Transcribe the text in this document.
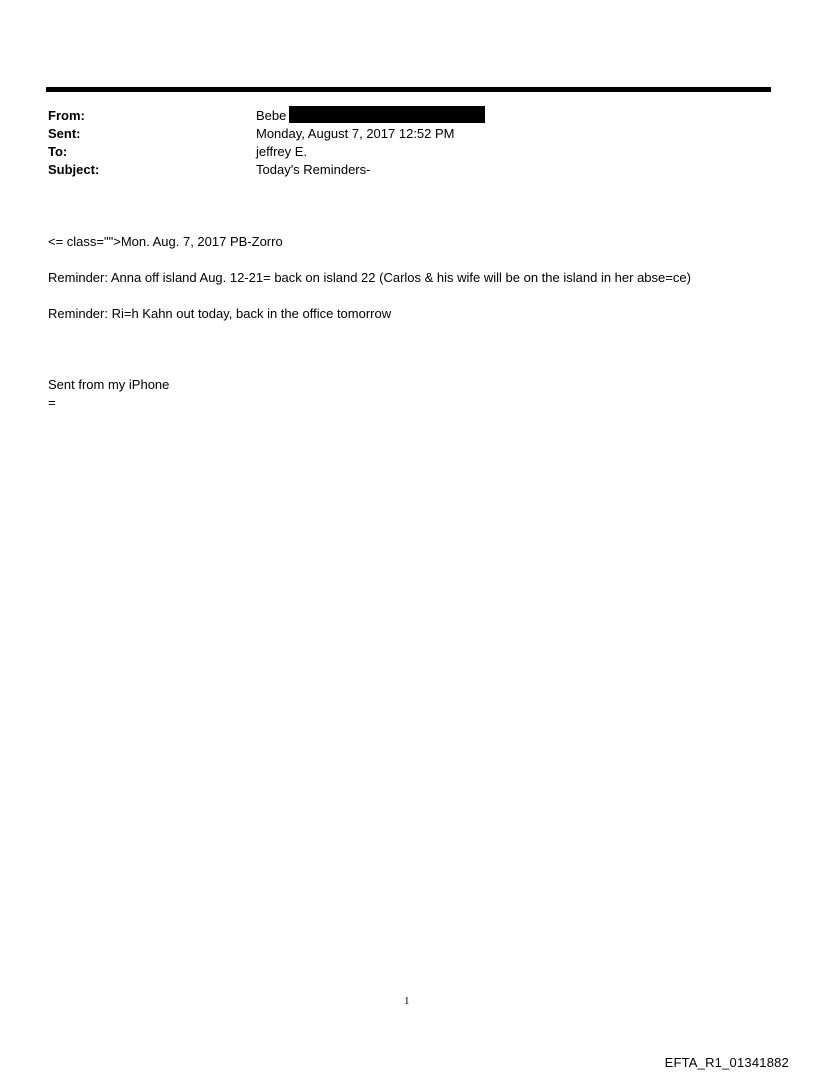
From:	Bebe
Sent:	Monday, August 7, 2017 12:52 PM
To:	jeffrey E.
Subject:	Today's Reminders-
<= class="">Mon. Aug. 7, 2017 PB-Zorro
Reminder: Anna off island Aug. 12-21= back on island 22 (Carlos & his wife will be on the island in her abse=ce)
Reminder: Ri=h Kahn out today, back in the office tomorrow
Sent from my iPhone
=
1
EFTA_R1_01341882
